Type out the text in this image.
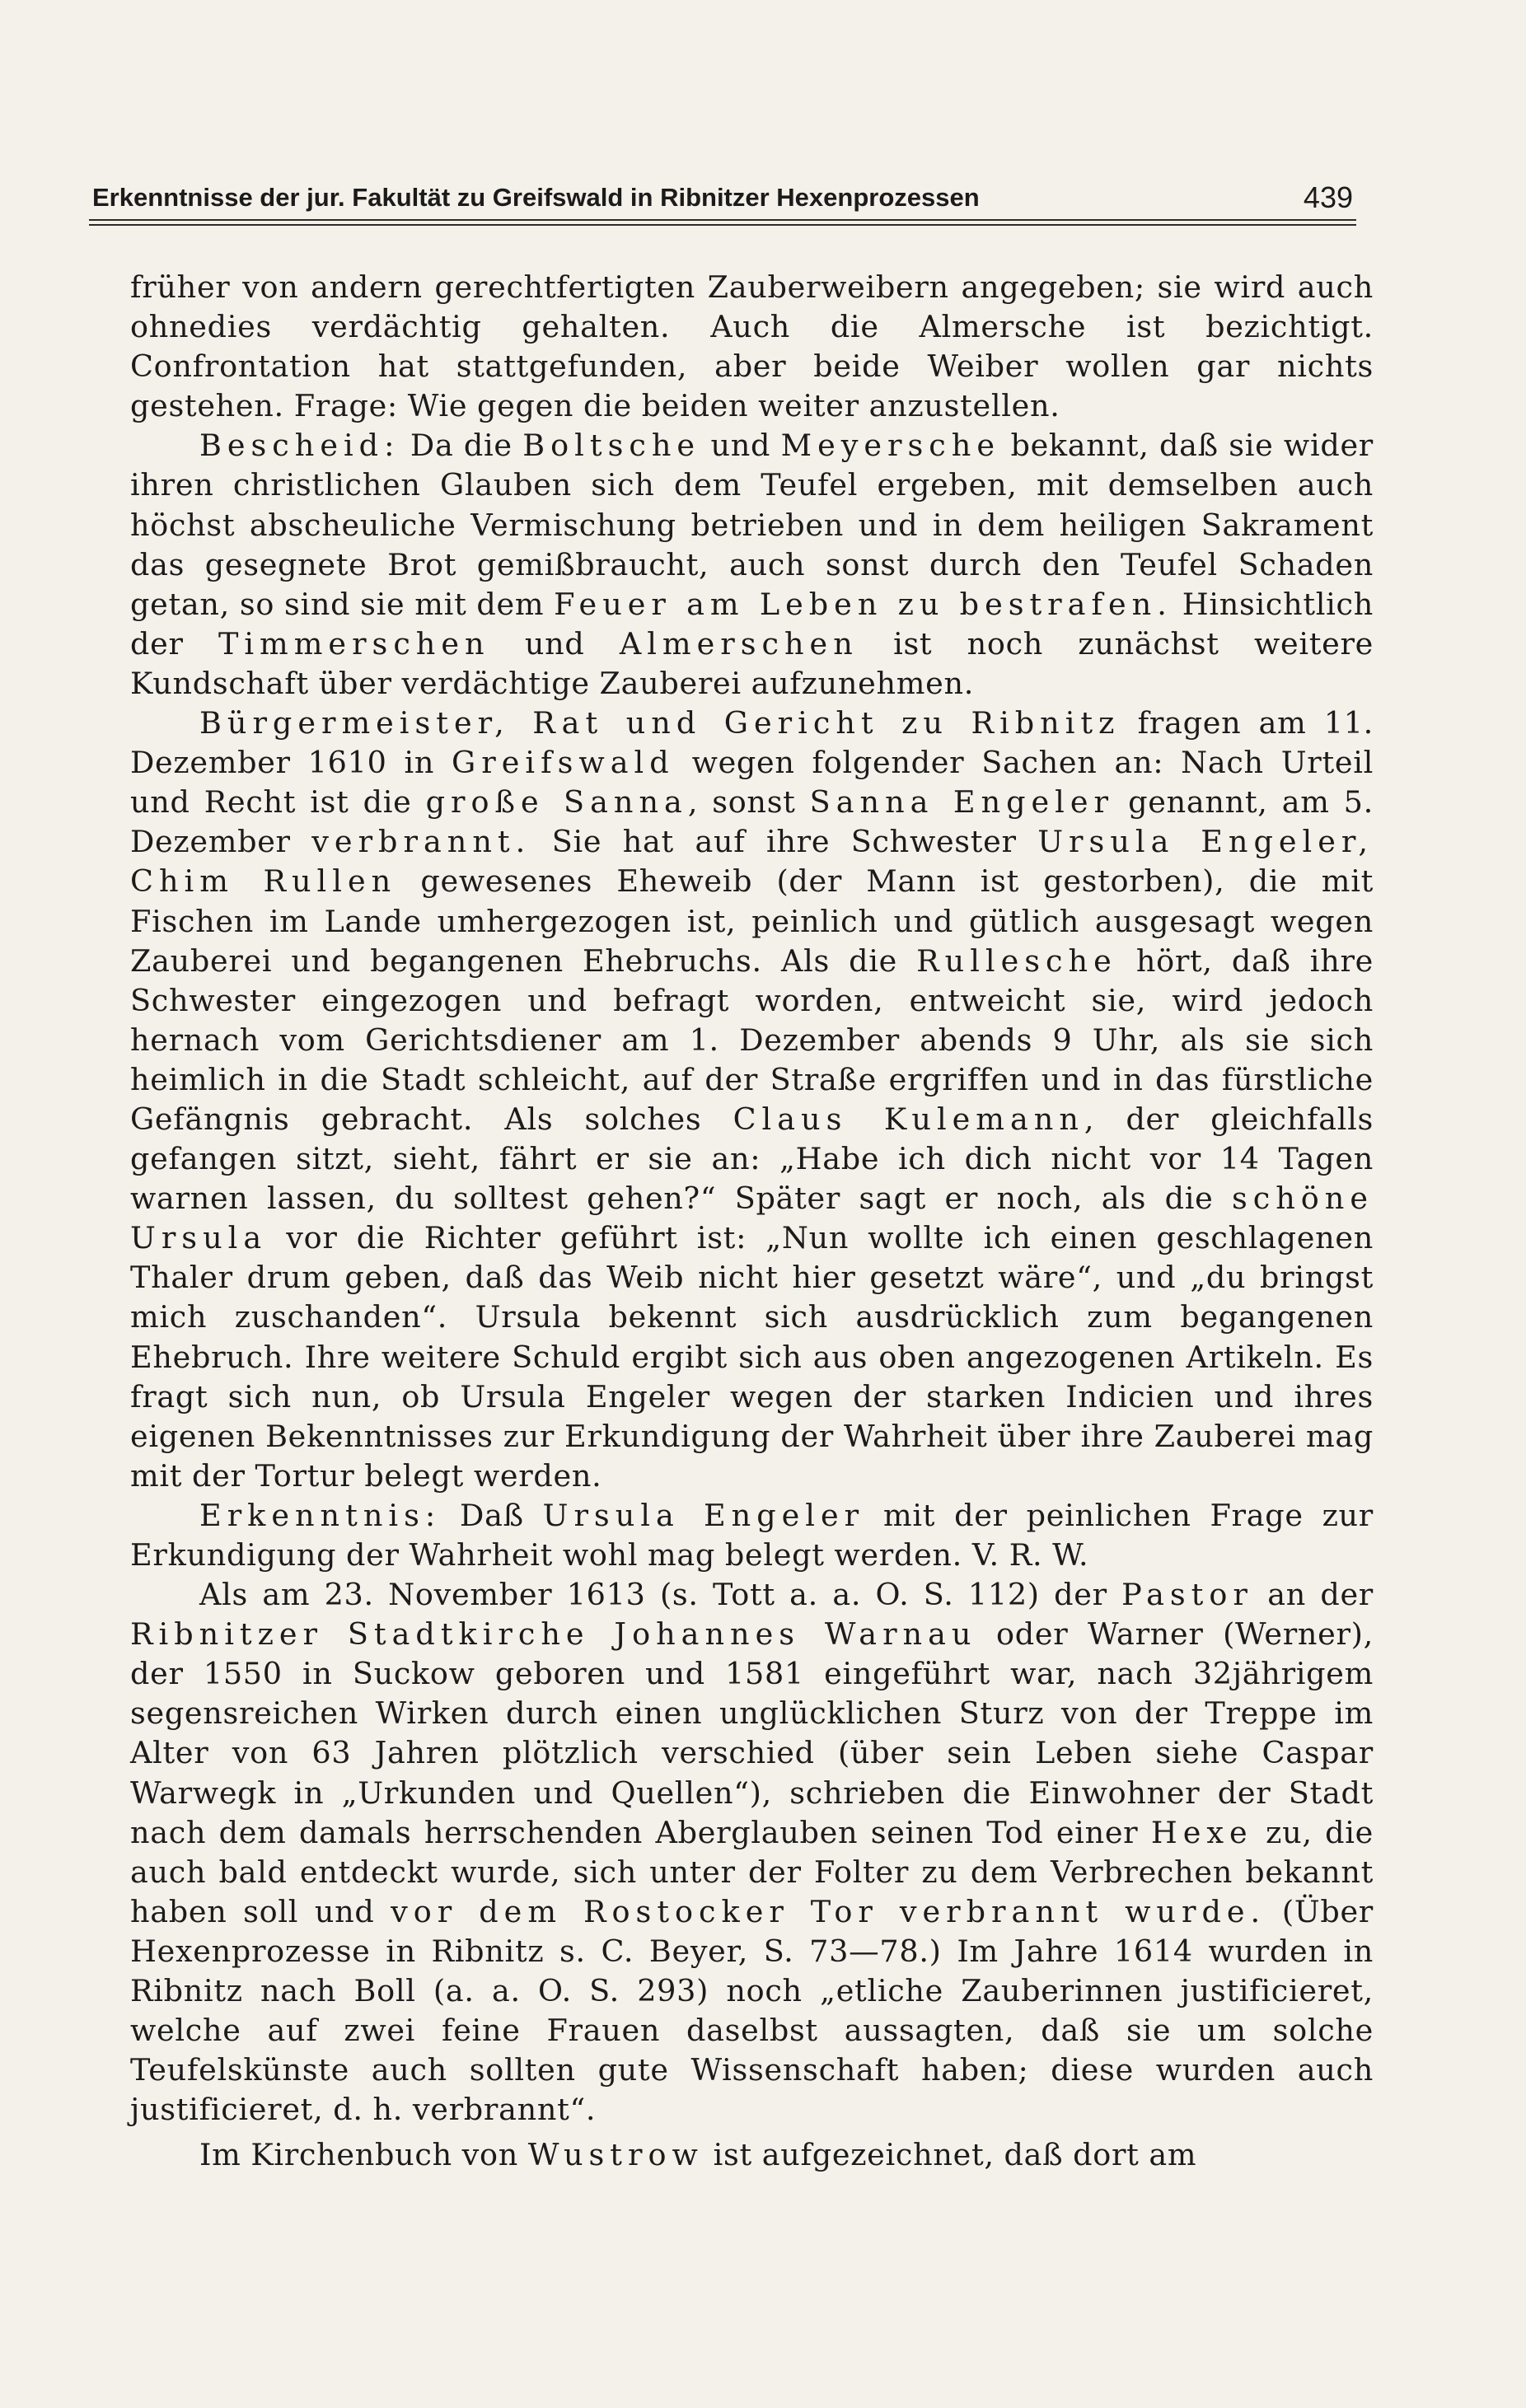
Erkenntnisse der jur. Fakultät zu Greifswald in Ribnitzer Hexenprozessen	439

früher von andern gerechtfertigten Zauberweibern angegeben; sie wird auch ohnedies verdächtig gehalten. Auch die Almersche ist bezichtigt. Confrontation hat stattgefunden, aber beide Weiber wollen gar nichts gestehen. Frage: Wie gegen die beiden weiter anzustellen.

Bescheid: Da die Boltsche und Meyersche bekannt, daß sie wider ihren christlichen Glauben sich dem Teufel ergeben, mit demselben auch höchst abscheuliche Vermischung betrieben und in dem heiligen Sakrament das gesegnete Brot gemißbraucht, auch sonst durch den Teufel Schaden getan, so sind sie mit dem Feuer am Leben zu bestrafen. Hinsichtlich der Timmerschen und Almerschen ist noch zunächst weitere Kundschaft über verdächtige Zauberei aufzunehmen.

Bürgermeister, Rat und Gericht zu Ribnitz fragen am 11. Dezember 1610 in Greifswald wegen folgender Sachen an: Nach Urteil und Recht ist die große Sanna, sonst Sanna Engeler genannt, am 5. Dezember verbrannt. Sie hat auf ihre Schwester Ursula Engeler, Chim Rullen gewesenes Eheweib (der Mann ist gestorben), die mit Fischen im Lande umhergezogen ist, peinlich und gütlich ausgesagt wegen Zauberei und begangenen Ehebruchs. Als die Rullesche hört, daß ihre Schwester eingezogen und befragt worden, entweicht sie, wird jedoch hernach vom Gerichtsdiener am 1. Dezember abends 9 Uhr, als sie sich heimlich in die Stadt schleicht, auf der Straße ergriffen und in das fürstliche Gefängnis gebracht. Als solches Claus Kulemann, der gleichfalls gefangen sitzt, sieht, fährt er sie an: „Habe ich dich nicht vor 14 Tagen warnen lassen, du solltest gehen?“ Später sagt er noch, als die schöne Ursula vor die Richter geführt ist: „Nun wollte ich einen geschlagenen Thaler drum geben, daß das Weib nicht hier gesetzt wäre“, und „du bringst mich zuschanden“. Ursula bekennt sich ausdrücklich zum begangenen Ehebruch. Ihre weitere Schuld ergibt sich aus oben angezogenen Artikeln. Es fragt sich nun, ob Ursula Engeler wegen der starken Indicien und ihres eigenen Bekenntnisses zur Erkundigung der Wahrheit über ihre Zauberei mag mit der Tortur belegt werden.

Erkenntnis: Daß Ursula Engeler mit der peinlichen Frage zur Erkundigung der Wahrheit wohl mag belegt werden. V. R. W.

Als am 23. November 1613 (s. Tott a. a. O. S. 112) der Pastor an der Ribnitzer Stadtkirche Johannes Warnau oder Warner (Werner), der 1550 in Suckow geboren und 1581 eingeführt war, nach 32jährigem segensreichen Wirken durch einen unglücklichen Sturz von der Treppe im Alter von 63 Jahren plötzlich verschied (über sein Leben siehe Caspar Warwegk in „Urkunden und Quellen“), schrieben die Einwohner der Stadt nach dem damals herrschenden Aberglauben seinen Tod einer Hexe zu, die auch bald entdeckt wurde, sich unter der Folter zu dem Verbrechen bekannt haben soll und vor dem Rostocker Tor verbrannt wurde. (Über Hexenprozesse in Ribnitz s. C. Beyer, S. 73—78.) Im Jahre 1614 wurden in Ribnitz nach Boll (a. a. O. S. 293) noch „etliche Zauberinnen justificieret, welche auf zwei feine Frauen daselbst aussagten, daß sie um solche Teufelskünste auch sollten gute Wissenschaft haben; diese wurden auch justificieret, d. h. verbrannt“.

Im Kirchenbuch von Wustrow ist aufgezeichnet, daß dort am
